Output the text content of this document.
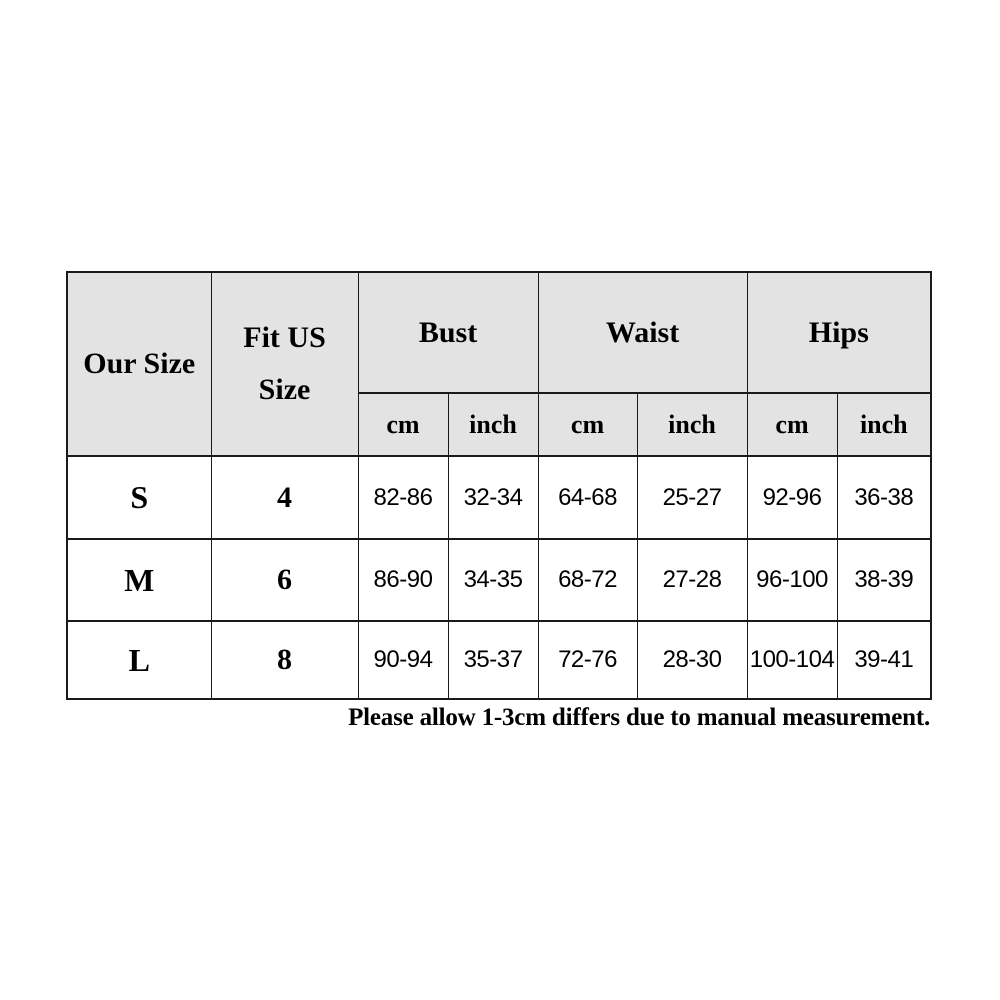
Our Size	Fit US Size	Bust		Waist		Hips	
		cm	inch	cm	inch	cm	inch
S	4	82-86	32-34	64-68	25-27	92-96	36-38
M	6	86-90	34-35	68-72	27-28	96-100	38-39
L	8	90-94	35-37	72-76	28-30	100-104	39-41
Please allow 1-3cm differs due to manual measurement.
